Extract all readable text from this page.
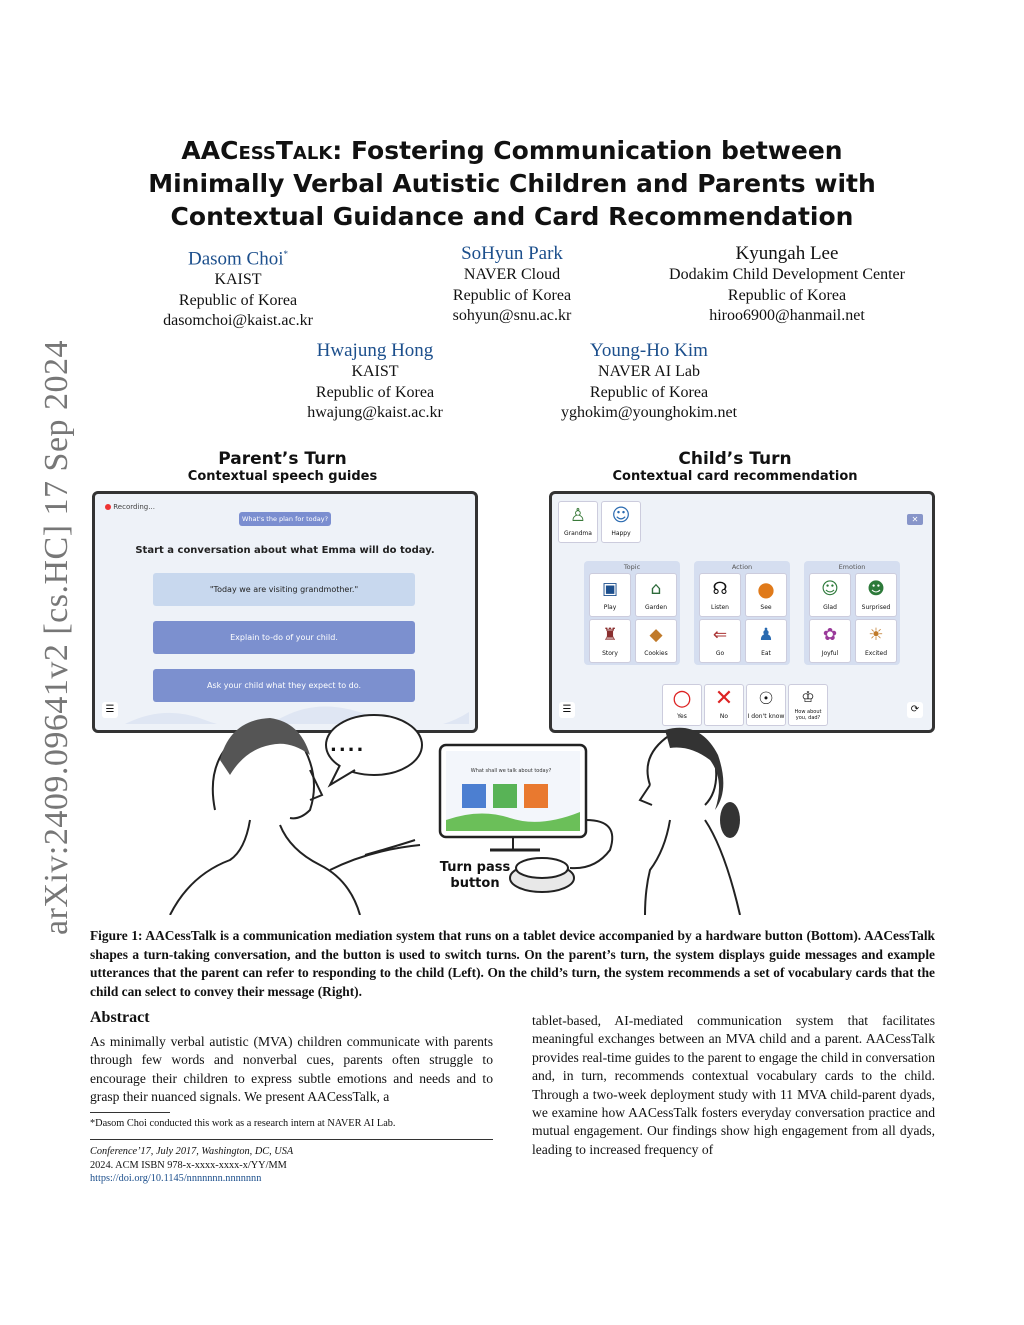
arXiv:2409.09641v2 [cs.HC] 17 Sep 2024
AACessTalk: Fostering Communication between
Minimally Verbal Autistic Children and Parents with
Contextual Guidance and Card Recommendation
Dasom Choi*
KAIST
Republic of Korea
dasomchoi@kaist.ac.kr
SoHyun Park
NAVER Cloud
Republic of Korea
sohyun@snu.ac.kr
Kyungah Lee
Dodakim Child Development Center
Republic of Korea
hiroo6900@hanmail.net
Hwajung Hong
KAIST
Republic of Korea
hwajung@kaist.ac.kr
Young-Ho Kim
NAVER AI Lab
Republic of Korea
yghokim@younghokim.net
Parent’s Turn
Contextual speech guides
Child’s Turn
Contextual card recommendation
Recording...
What's the plan for today?
Start a conversation about what Emma will do today.
"Today we are visiting grandmother."
Explain to-do of your child.
Ask your child what they expect to do.
☰
♙
Grandma
☺
Happy
✕
Topic
▣
Play
⌂
Garden
♜
Story
◆
Cookies
Action
☊
Listen
●
See
⇐
Go
♟
Eat
Emotion
☺
Glad
☻
Surprised
✿
Joyful
☀
Excited
○
Yes
✕
No
☉
I don't know
♔
How about you, dad?
☰	⟳
....
What shall we talk about today?
Turn pass
button
Figure 1: AACessTalk is a communication mediation system that runs on a tablet device accompanied by a hardware button (Bottom). AACessTalk shapes a turn-taking conversation, and the button is used to switch turns. On the parent’s turn, the system displays guide messages and example utterances that the parent can refer to responding to the child (Left). On the child’s turn, the system recommends a set of vocabulary cards that the child can select to convey their message (Right).
Abstract
As minimally verbal autistic (MVA) children communicate with parents through few words and nonverbal cues, parents often struggle to encourage their children to express subtle emotions and needs and to grasp their nuanced signals. We present AACessTalk, a
tablet-based, AI-mediated communication system that facilitates meaningful exchanges between an MVA child and a parent. AACessTalk provides real-time guides to the parent to engage the child in conversation and, in turn, recommends contextual vocabulary cards to the child. Through a two-week deployment study with 11 MVA child-parent dyads, we examine how AACessTalk fosters everyday conversation practice and mutual engagement. Our findings show high engagement from all dyads, leading to increased frequency of
*Dasom Choi conducted this work as a research intern at NAVER AI Lab.
Conference’17, July 2017, Washington, DC, USA
2024. ACM ISBN 978-x-xxxx-xxxx-x/YY/MM
https://doi.org/10.1145/nnnnnnn.nnnnnnn
